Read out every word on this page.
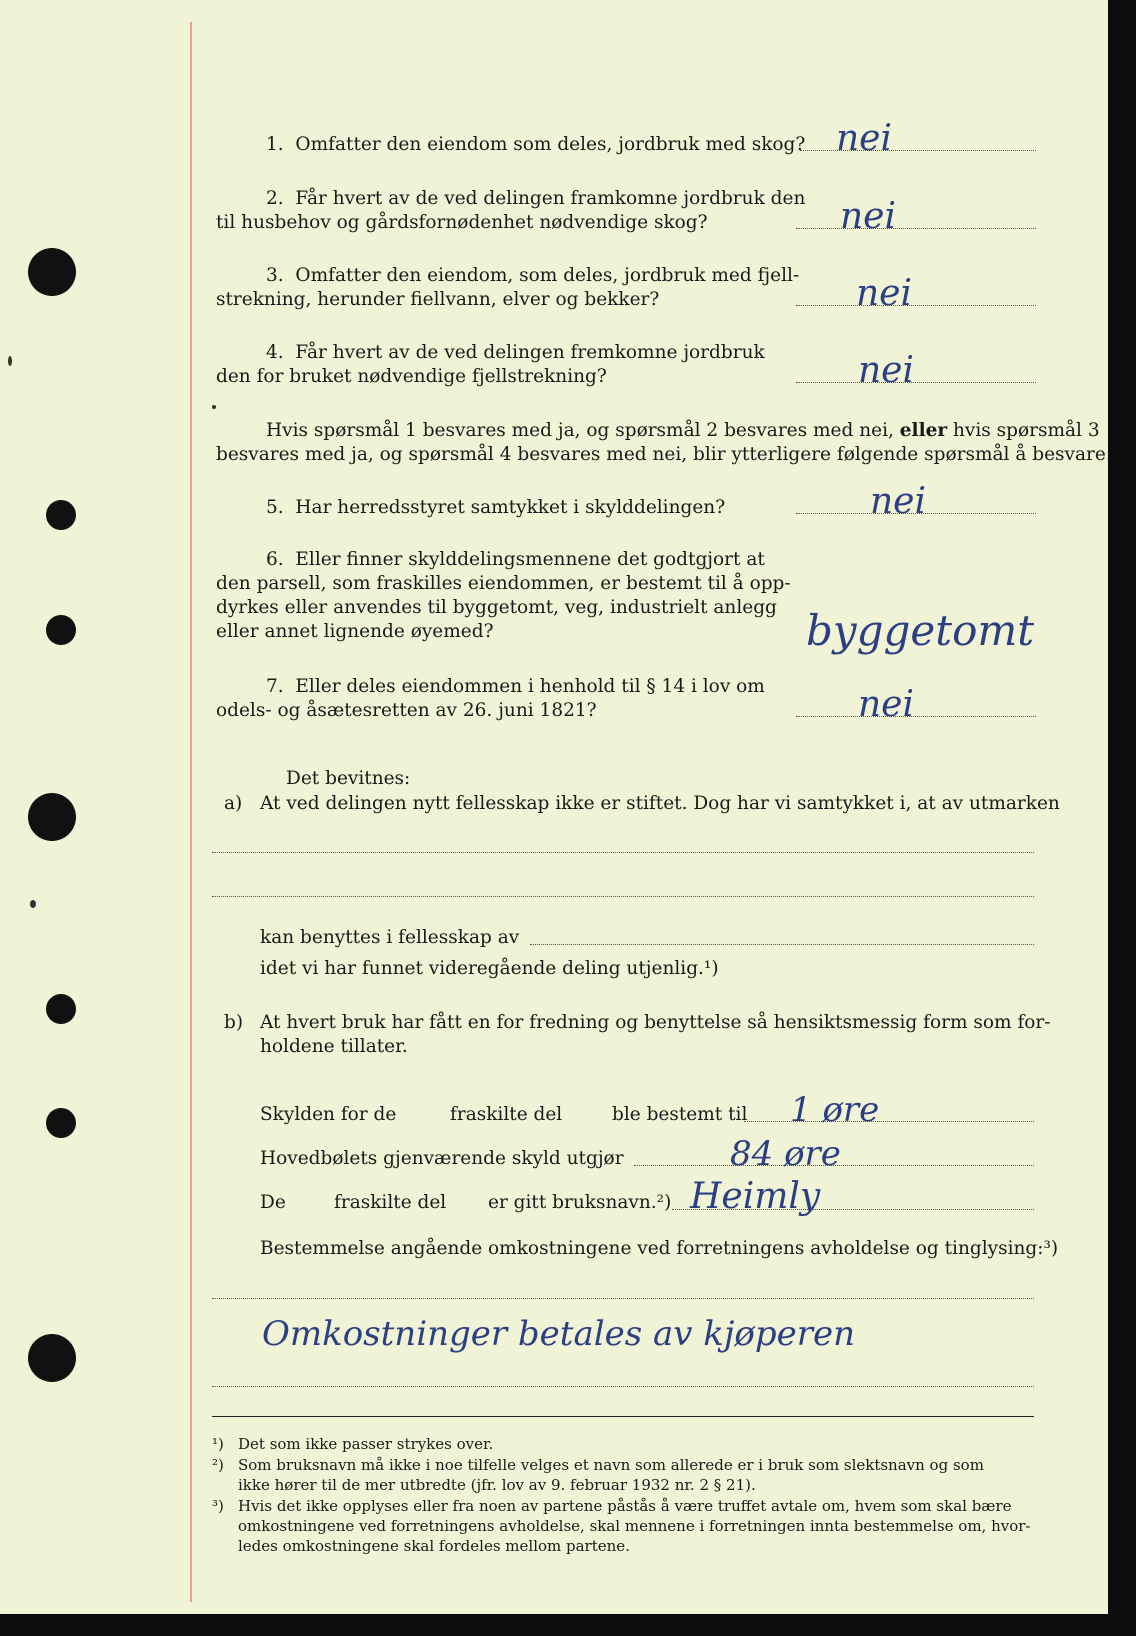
1. Omfatter den eiendom som deles, jordbruk med skog? nei
2. Får hvert av de ved delingen framkomne jordbruk den
til husbehov og gårdsfornødenhet nødvendige skog?	nei
3. Omfatter den eiendom, som deles, jordbruk med fjell-
strekning, herunder fiellvann, elver og bekker?	nei
4. Får hvert av de ved delingen fremkomne jordbruk
den for bruket nødvendige fjellstrekning?	nei
Hvis spørsmål 1 besvares med ja, og spørsmål 2 besvares med nei, eller hvis spørsmål 3
besvares med ja, og spørsmål 4 besvares med nei, blir ytterligere følgende spørsmål å besvare:
5. Har herredsstyret samtykket i skylddelingen?	nei
6. Eller finner skylddelingsmennene det godtgjort at
den parsell, som fraskilles eiendommen, er bestemt til å opp-
dyrkes eller anvendes til byggetomt, veg, industrielt anlegg
eller annet lignende øyemed?	byggetomt
7. Eller deles eiendommen i henhold til § 14 i lov om
odels- og åsætesretten av 26. juni 1821?	nei
Det bevitnes:
a) At ved delingen nytt fellesskap ikke er stiftet. Dog har vi samtykket i, at av utmarken
kan benyttes i fellesskap av
idet vi har funnet videregående deling utjenlig.¹)
b) At hvert bruk har fått en for fredning og benyttelse så hensiktsmessig form som for-
holdene tillater.
Skylden for de	fraskilte del	ble bestemt til 1 øre
Hovedbølets gjenværende skyld utgjør	84 øre
De	fraskilte del er gitt bruksnavn.²) Heimly
Bestemmelse angående omkostningene ved forretningens avholdelse og tinglysing:³)
Omkostninger betales av kjøperen
¹) Det som ikke passer strykes over.
²) Som bruksnavn må ikke i noe tilfelle velges et navn som allerede er i bruk som slektsnavn og som
ikke hører til de mer utbredte (jfr. lov av 9. februar 1932 nr. 2 § 21).
³) Hvis det ikke opplyses eller fra noen av partene påstås å være truffet avtale om, hvem som skal bære
omkostningene ved forretningens avholdelse, skal mennene i forretningen innta bestemmelse om, hvor-
ledes omkostningene skal fordeles mellom partene.
